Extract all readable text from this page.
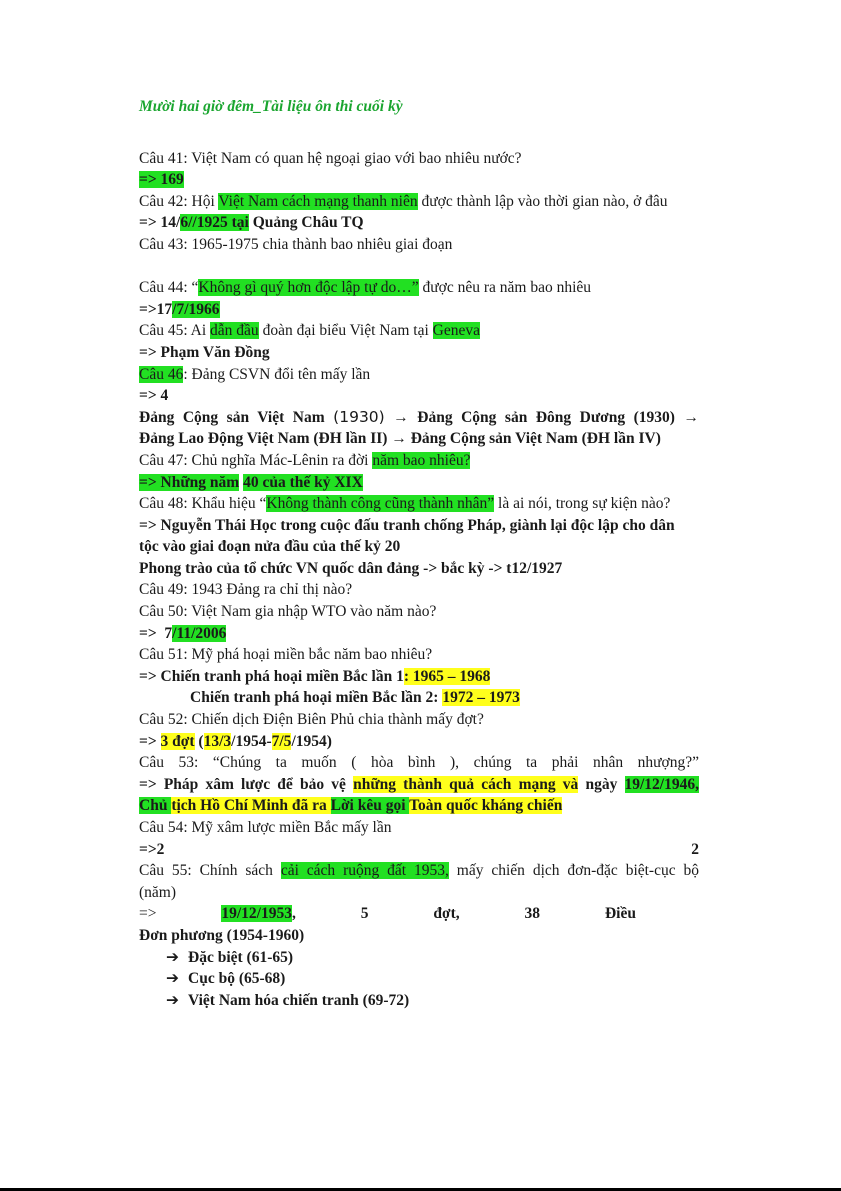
Mười hai giờ đêm_Tài liệu ôn thi cuối kỳ
Câu 41: Việt Nam có quan hệ ngoại giao với bao nhiêu nước?
=> 169
Câu 42: Hội Việt Nam cách mạng thanh niên được thành lập vào thời gian nào, ở đâu
=> 14/6//1925 tại Quảng Châu TQ
Câu 43: 1965-1975 chia thành bao nhiêu giai đoạn
Câu 44: “Không gì quý hơn độc lập tự do…” được nêu ra năm bao nhiêu
=>17/7/1966
Câu 45: Ai dẫn đầu đoàn đại biểu Việt Nam tại Geneva
=> Phạm Văn Đồng
Câu 46: Đảng CSVN đổi tên mấy lần
=> 4
Đảng Cộng sản Việt Nam (1930) → Đảng Cộng sản Đông Dương (1930) →
Đảng Lao Động Việt Nam (ĐH lần II) → Đảng Cộng sản Việt Nam (ĐH lần IV)
Câu 47: Chủ nghĩa Mác-Lênin ra đời năm bao nhiêu?
=> Những năm 40 của thế kỷ XIX
Câu 48: Khẩu hiệu “Không thành công cũng thành nhân” là ai nói, trong sự kiện nào?
=> Nguyễn Thái Học trong cuộc đấu tranh chống Pháp, giành lại độc lập cho dân
tộc vào giai đoạn nửa đầu của thế kỷ 20
Phong trào của tổ chức VN quốc dân đảng -> bắc kỳ -> t12/1927
Câu 49: 1943 Đảng ra chỉ thị nào?
Câu 50: Việt Nam gia nhập WTO vào năm nào?
=>  7/11/2006
Câu 51: Mỹ phá hoại miền bắc năm bao nhiêu?
=> Chiến tranh phá hoại miền Bắc lần 1: 1965 – 1968
Chiến tranh phá hoại miền Bắc lần 2: 1972 – 1973
Câu 52: Chiến dịch Điện Biên Phủ chia thành mấy đợt?
=> 3 đợt (13/3/1954-7/5/1954)
Câu 53: “Chúng ta muốn ( hòa bình ), chúng ta phải nhân nhượng?”
=> Pháp xâm lược để bảo vệ những thành quả cách mạng và ngày 19/12/1946,
Chủ tịch Hồ Chí Minh đã ra Lời kêu gọi Toàn quốc kháng chiến
Câu 54: Mỹ xâm lược miền Bắc mấy lần
=>2	2
Câu 55: Chính sách cải cách ruộng đất 1953, mấy chiến dịch đơn-đặc biệt-cục bộ
(năm)
=>	19/12/1953,	5	đợt,	38	Điều
Đơn phương (1954-1960)
➔ Đặc biệt (61-65)
➔ Cục bộ (65-68)
➔ Việt Nam hóa chiến tranh (69-72)
